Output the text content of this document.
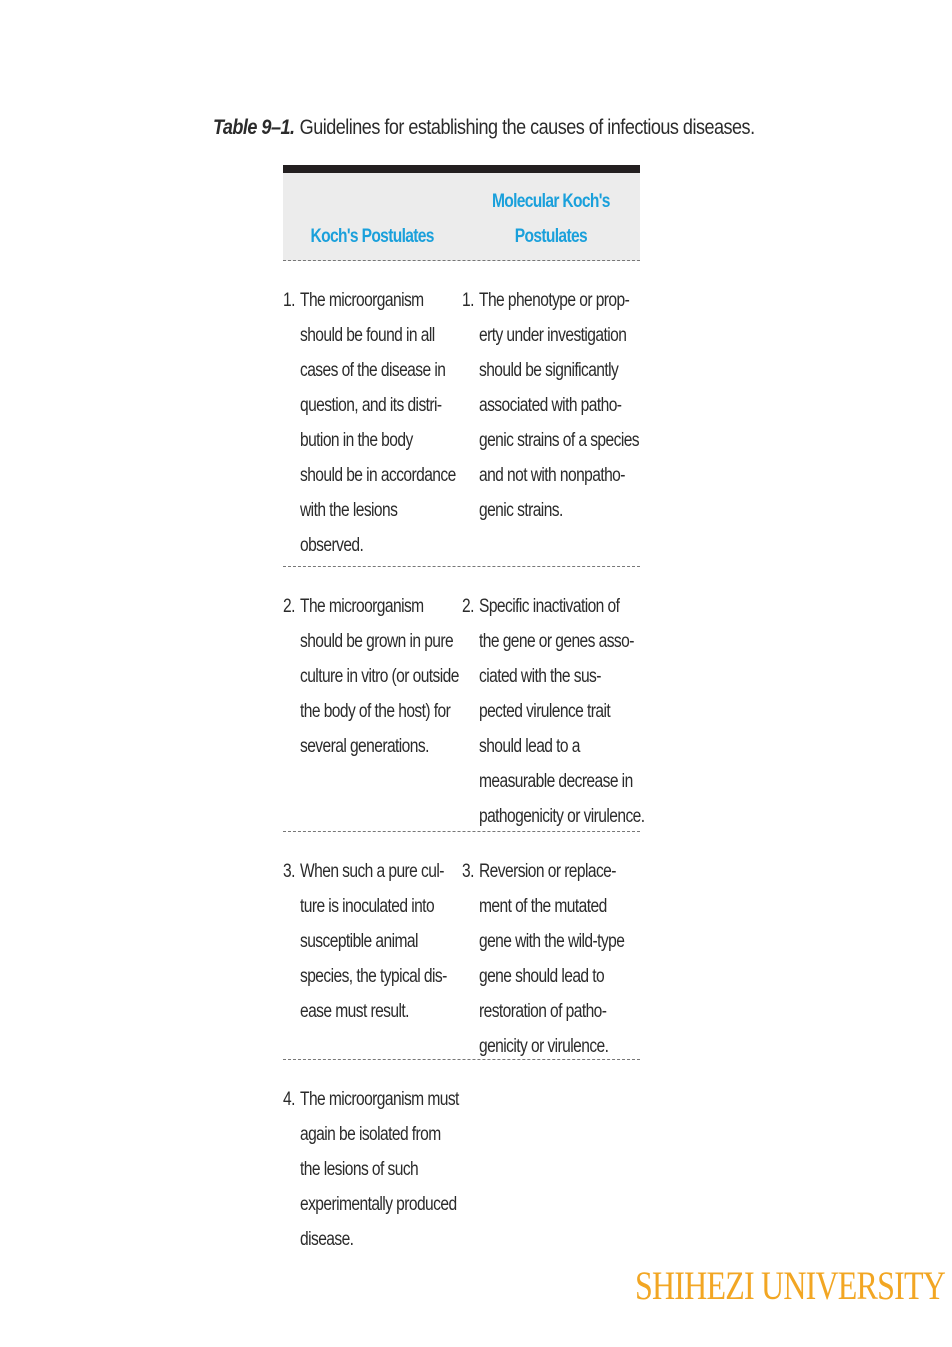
Table 9–1. Guidelines for establishing the causes of infectious diseases.
Koch's Postulates
Molecular Koch's
Postulates
1. The microorganism
should be found in all
cases of the disease in
question, and its distri-
bution in the body
should be in accordance
with the lesions
observed.
1. The phenotype or prop-
erty under investigation
should be significantly
associated with patho-
genic strains of a species
and not with nonpatho-
genic strains.
2. The microorganism
should be grown in pure
culture in vitro (or outside
the body of the host) for
several generations.
2. Specific inactivation of
the gene or genes asso-
ciated with the sus-
pected virulence trait
should lead to a
measurable decrease in
pathogenicity or virulence.
3. When such a pure cul-
ture is inoculated into
susceptible animal
species, the typical dis-
ease must result.
3. Reversion or replace-
ment of the mutated
gene with the wild-type
gene should lead to
restoration of patho-
genicity or virulence.
4. The microorganism must
again be isolated from
the lesions of such
experimentally produced
disease.
SHIHEZI UNIVERSITY
